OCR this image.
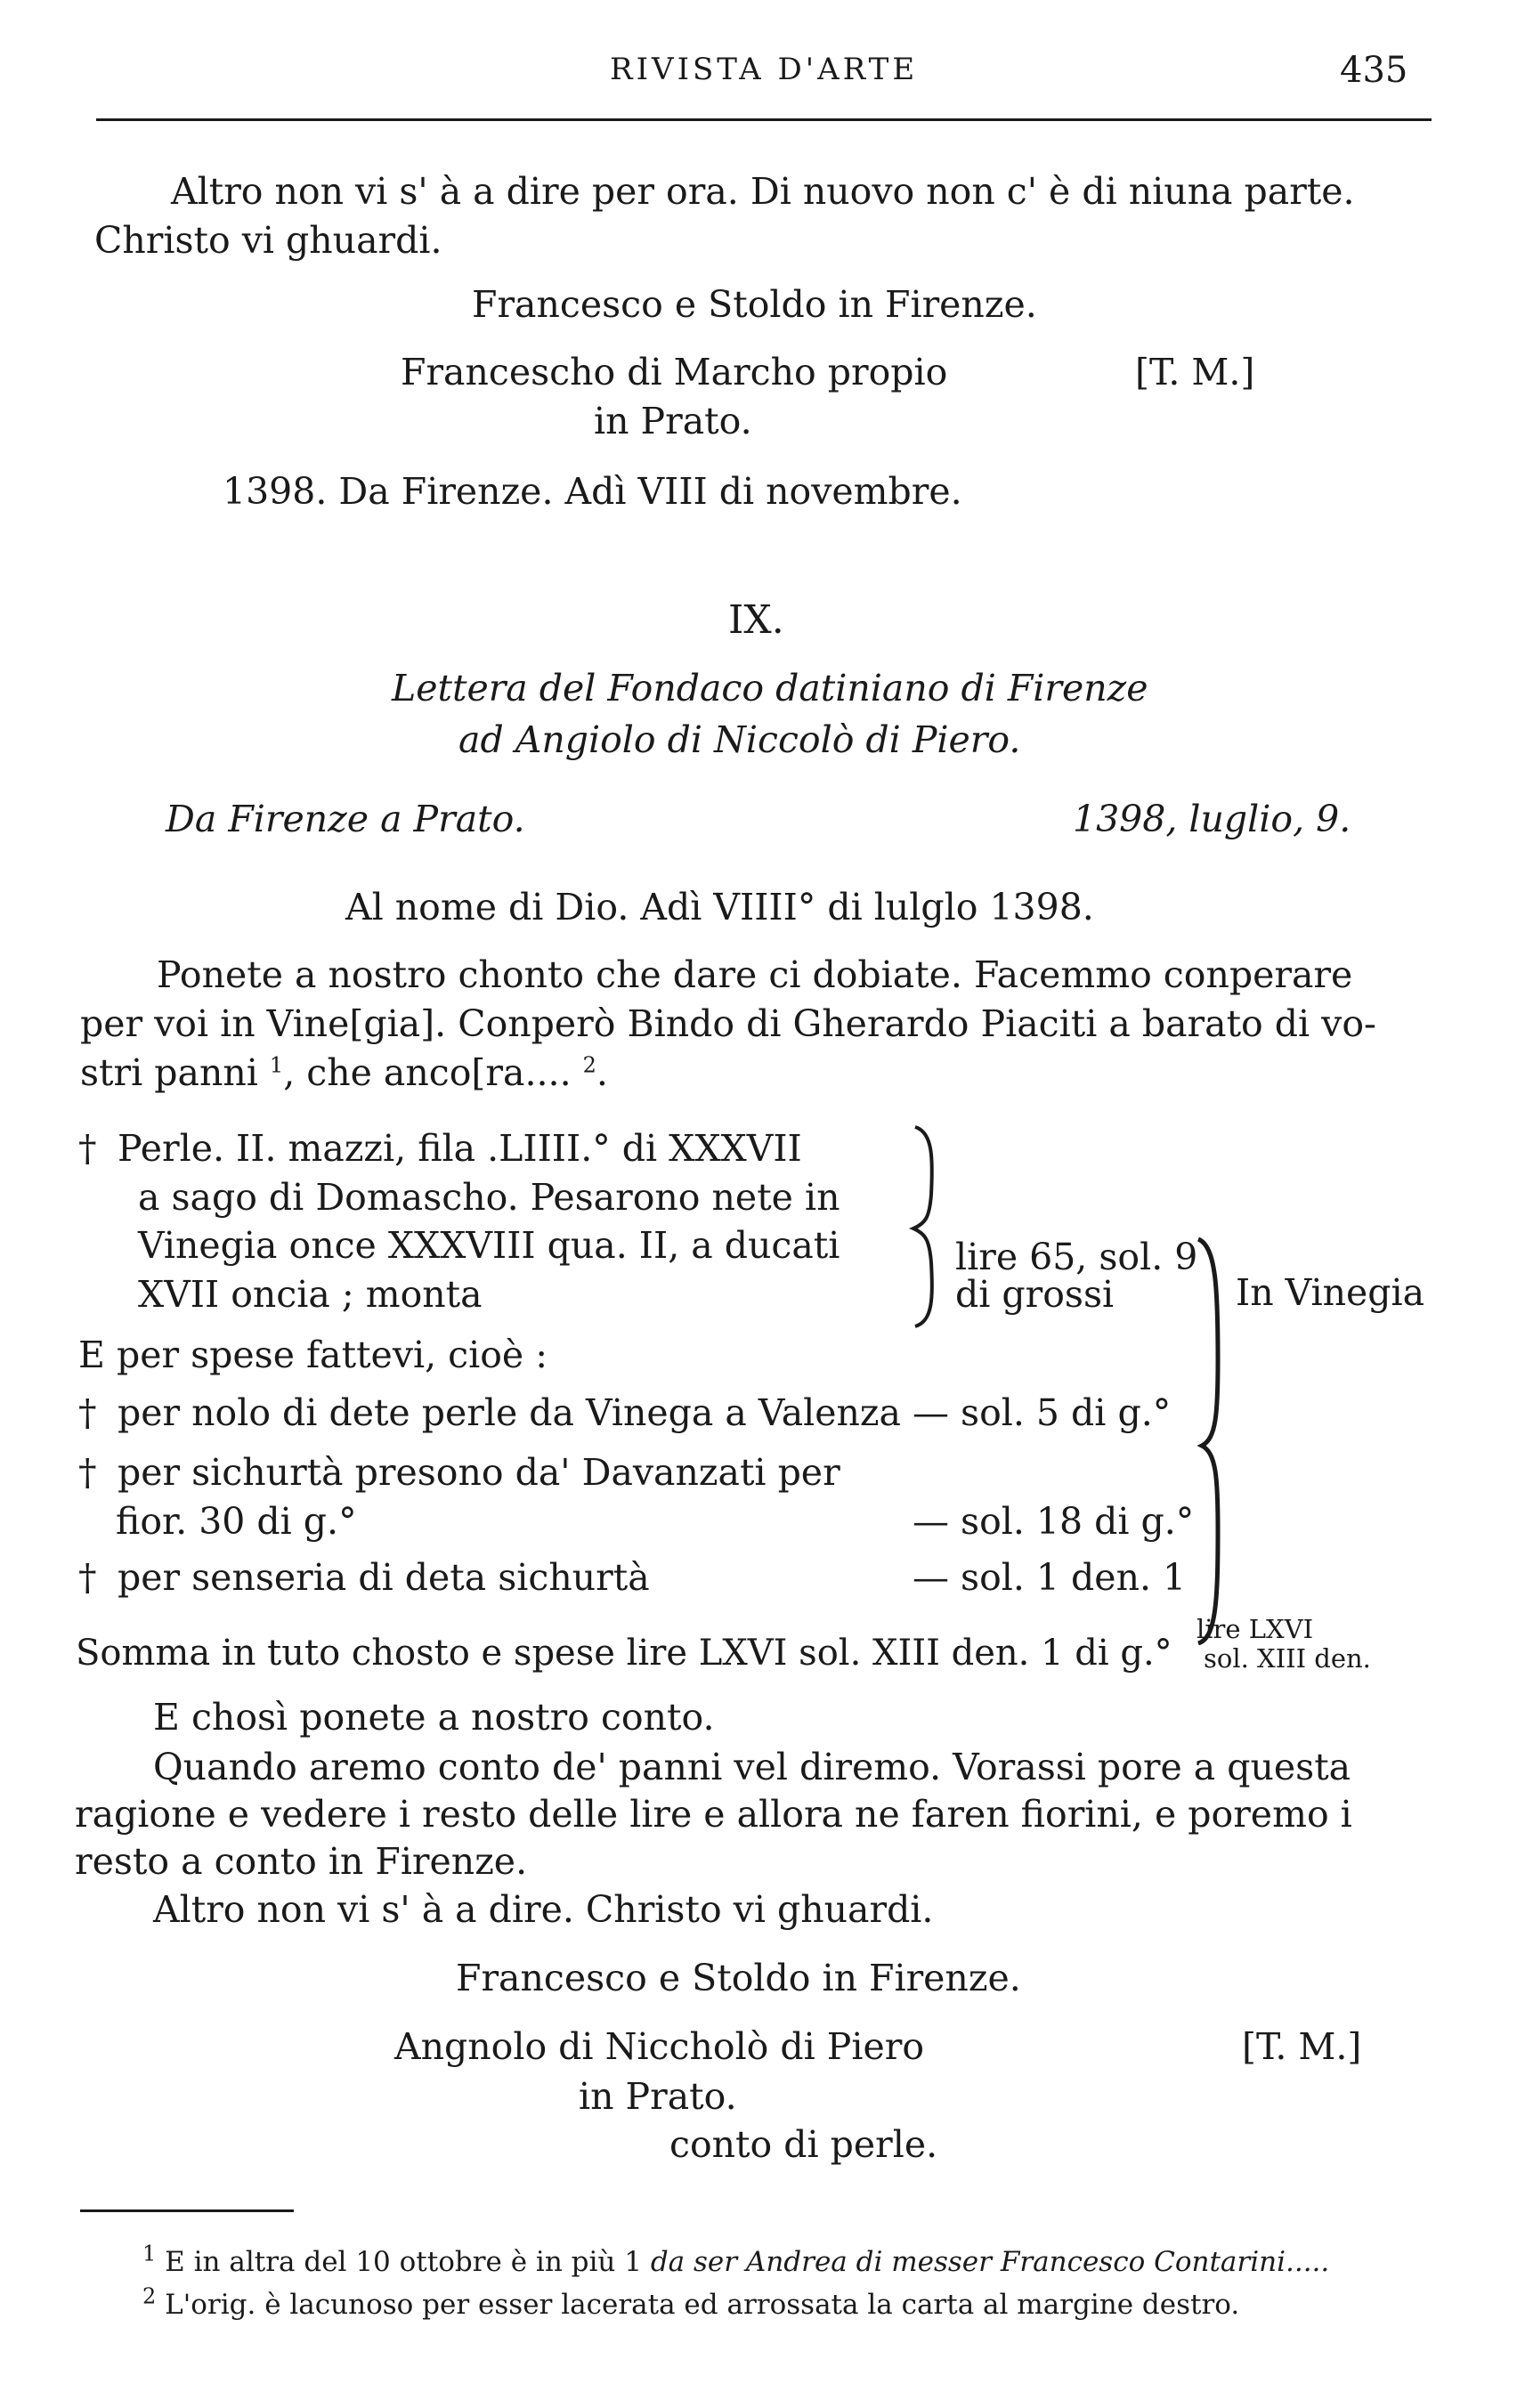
RIVISTA D'ARTE	435
Altro non vi s' à a dire per ora. Di nuovo non c' è di niuna parte.
Christo vi ghuardi.
Francesco e Stoldo in Firenze.
Franceschо di Marcho propio	[T. M.]
in Prato.
1398. Da Firenze. Adì VIII di novembre.
IX.
Lettera del Fondaco datiniano di Firenze
ad Angiolo di Niccolò di Piero.
Da Firenze a Prato.	1398, luglio, 9.
Al nome di Dio. Adì VIIII° di lulglo 1398.
Ponete a nostro chonto che dare ci dobiate. Facemmo conperare
per voi in Vine[gia]. Conperò Bindo di Gherardo Piaciti a barato di vo-
stri panni $^1$, che anco[ra.... $^2$.
† Perle. II. mazzi, fila .LIIII.° di XXXVII
a sago di Domascho. Pesarono nete in
Vinegia once XXXVIII qua. II, a ducati
XVII oncia ; monta
lire 65, sol. 9
di grossi	In Vinegia
E per spese fattevi, cioè :
† per nolo di dete perle da Vinega a Valenza — sol. 5 di g.°
† per sichurtà presono da' Davanzati per
fior. 30 di g.°	— sol. 18 di g.°
† per senseria di deta sichurtà	— sol. 1 den. 1
Somma in tuto chosto e spese lire LXVI sol. XIII den. 1 di g.°
lire LXVI
sol. XIII den.
E chosì ponete a nostro conto.
Quando aremo conto de' panni vel diremo. Vorassi pore a questa
ragione e vedere i resto delle lire e allora ne faren fiorini, e poremo i
resto a conto in Firenze.
Altro non vi s' à a dire. Christo vi ghuardi.
Francesco e Stoldo in Firenze.
Angnolo di Nicchоlò di Piero	[T. M.]
in Prato.
conto di perle.
$^1$ E in altra del 10 ottobre è in più 1 da ser Andrea di messer Francesco Contarini.....
$^2$ L'orig. è lacunoso per esser lacerata ed arrossata la carta al margine destro.
